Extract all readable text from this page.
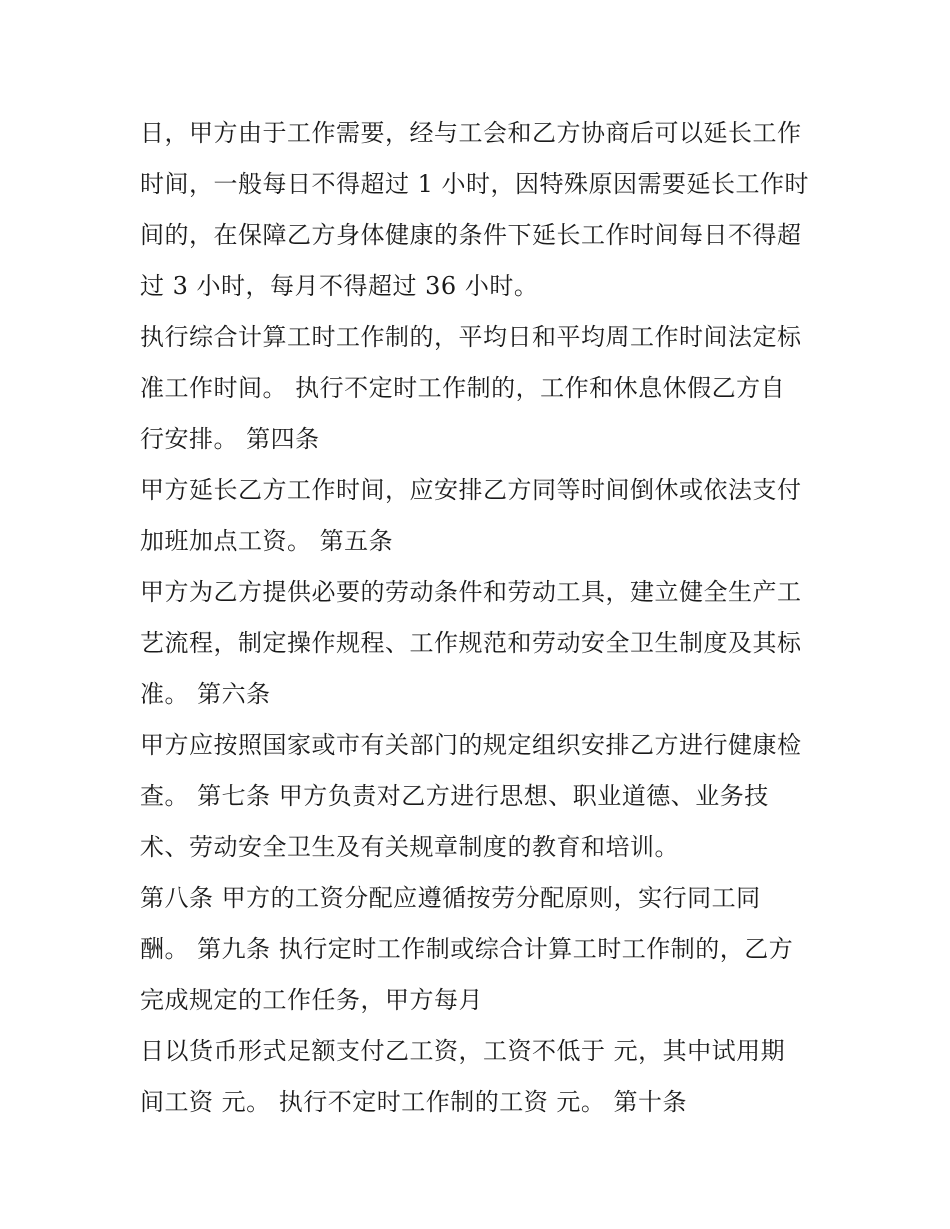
日，甲方由于工作需要，经与工会和乙方协商后可以延长工作
时间，一般每日不得超过 1 小时，因特殊原因需要延长工作时
间的，在保障乙方身体健康的条件下延长工作时间每日不得超
过 3 小时，每月不得超过 36 小时。
执行综合计算工时工作制的，平均日和平均周工作时间法定标
准工作时间。 执行不定时工作制的，工作和休息休假乙方自
行安排。 第四条
甲方延长乙方工作时间，应安排乙方同等时间倒休或依法支付
加班加点工资。 第五条
甲方为乙方提供必要的劳动条件和劳动工具，建立健全生产工
艺流程，制定操作规程、工作规范和劳动安全卫生制度及其标
准。 第六条
甲方应按照国家或市有关部门的规定组织安排乙方进行健康检
查。 第七条 甲方负责对乙方进行思想、职业道德、业务技
术、劳动安全卫生及有关规章制度的教育和培训。
第八条 甲方的工资分配应遵循按劳分配原则，实行同工同
酬。 第九条 执行定时工作制或综合计算工时工作制的，乙方
完成规定的工作任务，甲方每月
日以货币形式足额支付乙工资，工资不低于 元，其中试用期
间工资 元。 执行不定时工作制的工资 元。 第十条
